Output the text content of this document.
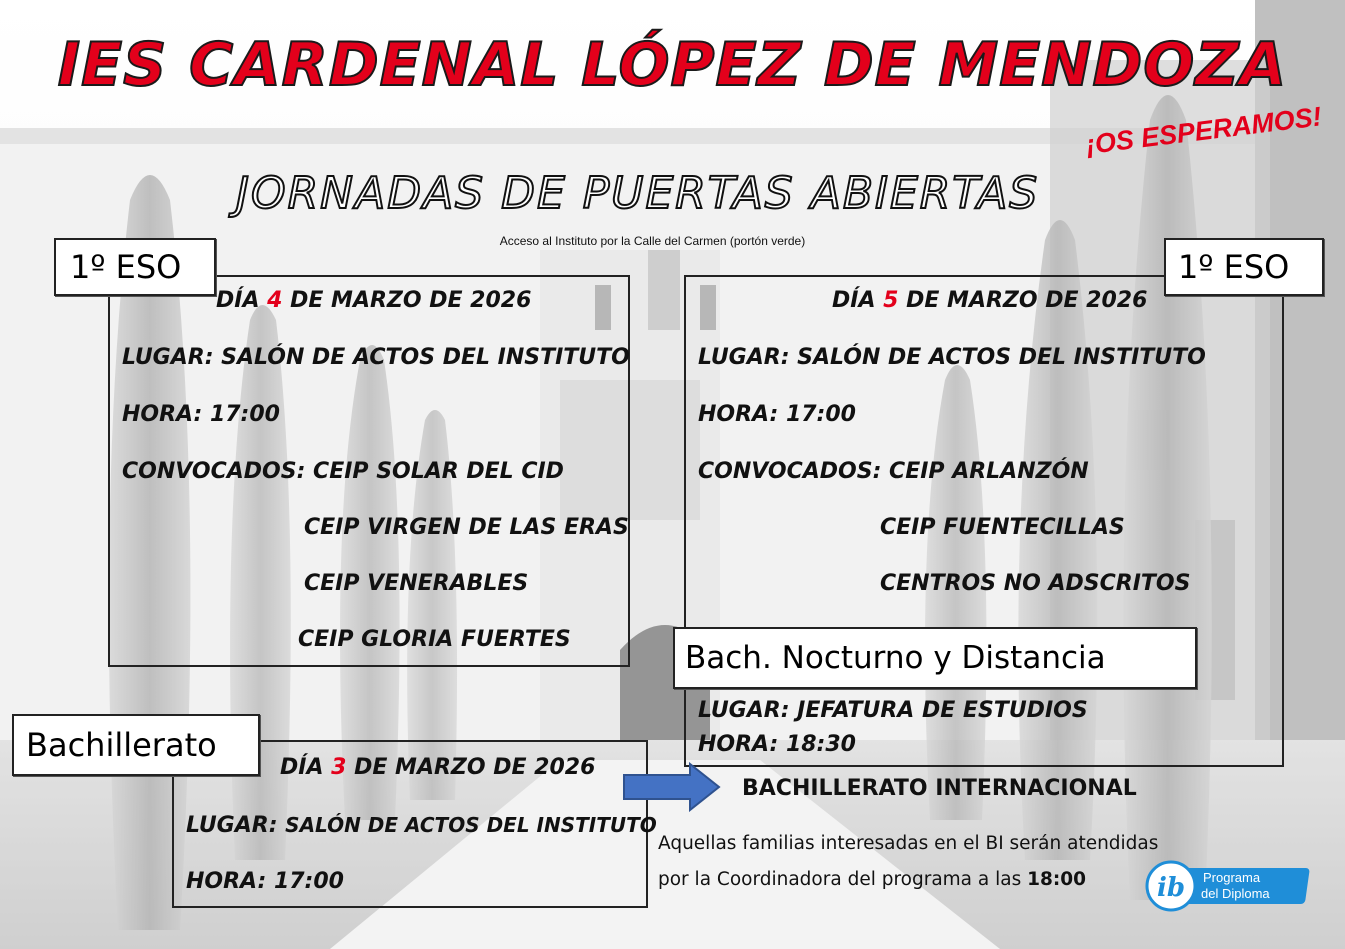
IES CARDENAL LÓPEZ DE MENDOZA
JORNADAS DE PUERTAS ABIERTAS
¡OS ESPERAMOS!
Acceso al Instituto por la Calle del Carmen (portón verde)
1º ESO
DÍA 4 DE MARZO DE 2026
LUGAR: SALÓN DE ACTOS DEL INSTITUTO
HORA: 17:00
CONVOCADOS: CEIP SOLAR DEL CID
CEIP VIRGEN DE LAS ERAS
CEIP VENERABLES
CEIP GLORIA FUERTES
1º ESO
DÍA 5 DE MARZO DE 2026
LUGAR: SALÓN DE ACTOS DEL INSTITUTO
HORA: 17:00
CONVOCADOS: CEIP ARLANZÓN
CEIP FUENTECILLAS
CENTROS NO ADSCRITOS
Bach. Nocturno y Distancia
LUGAR: JEFATURA DE ESTUDIOS
HORA: 18:30
Bachillerato
DÍA 3 DE MARZO DE 2026
LUGAR: SALÓN DE ACTOS DEL INSTITUTO
HORA: 17:00
BACHILLERATO INTERNACIONAL
Aquellas familias interesadas en el BI serán atendidas
por la Coordinadora del programa a las 18:00	ib Programa
del Diploma
